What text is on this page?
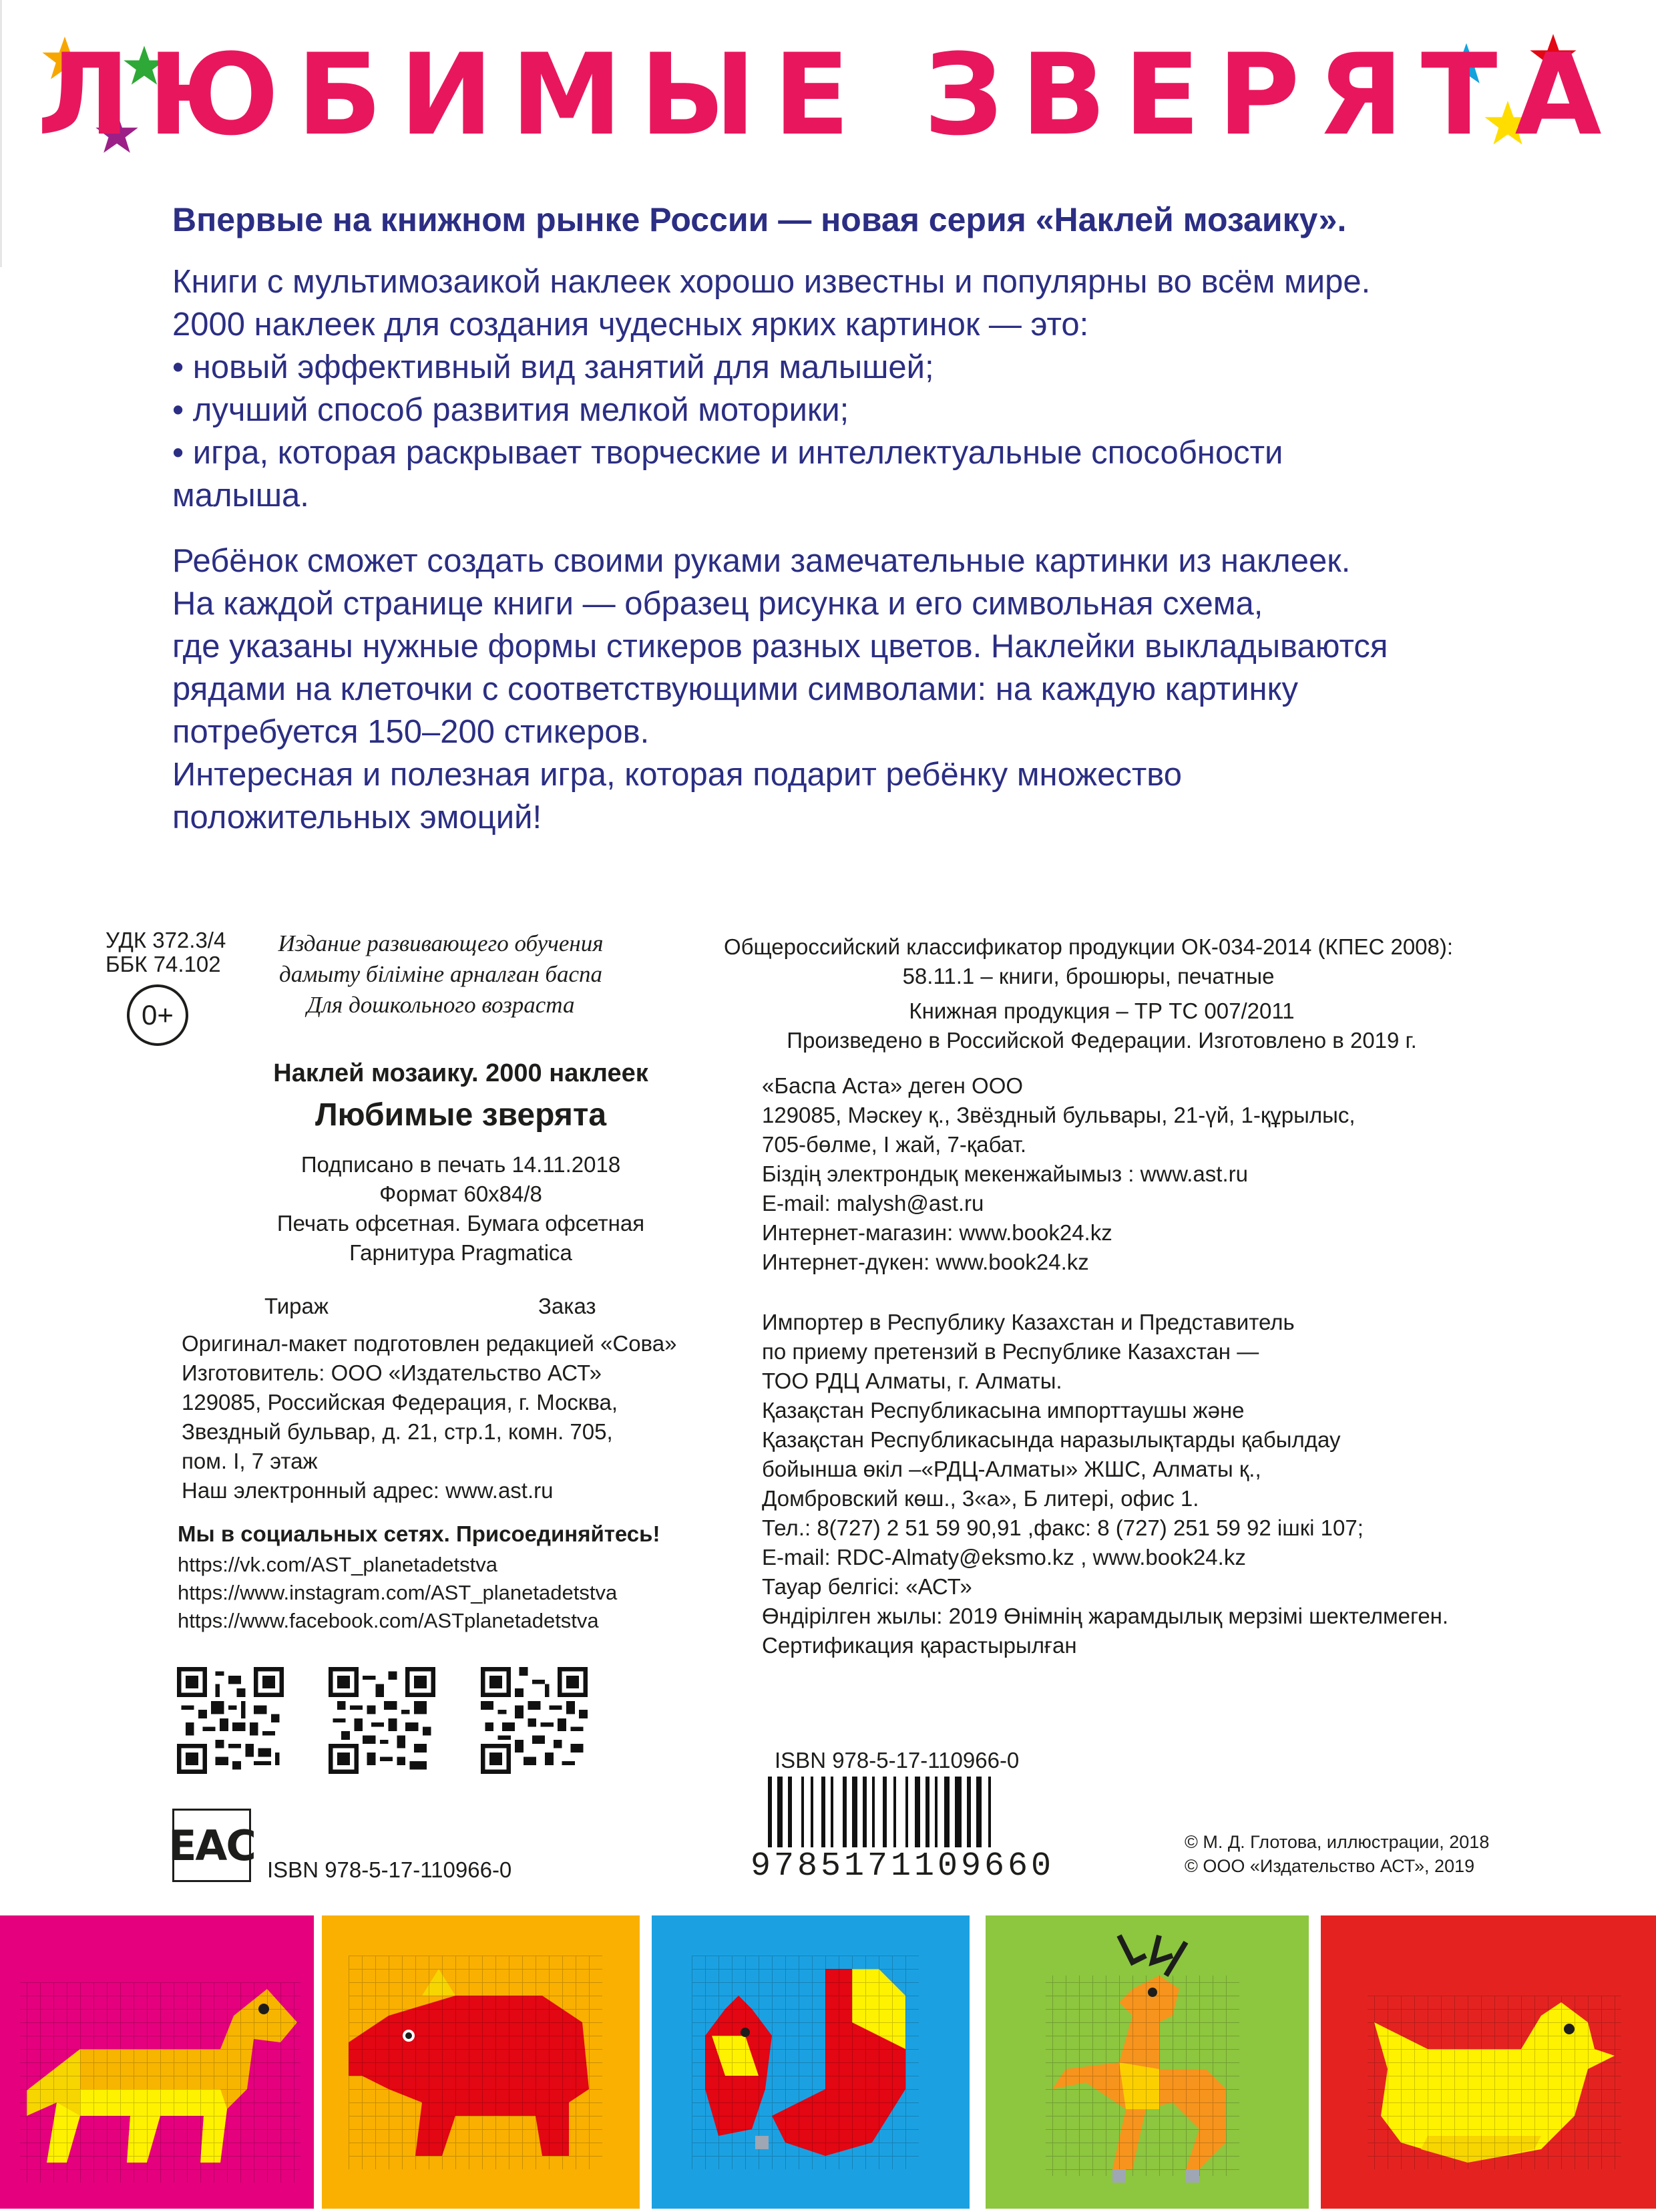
ЛЮБИМЫЕ ЗВЕРЯТА
Впервые на книжном рынке России — новая серия «Наклей мозаику».
Книги с мультимозаикой наклеек хорошо известны и популярны во всём мире.
2000 наклеек для создания чудесных ярких картинок — это:
• новый эффективный вид занятий для малышей;
• лучший способ развития мелкой моторики;
• игра, которая раскрывает творческие и интеллектуальные способности
малыша.
Ребёнок сможет создать своими руками замечательные картинки из наклеек.
На каждой странице книги — образец рисунка и его символьная схема,
где указаны нужные формы стикеров разных цветов. Наклейки выкладываются
рядами на клеточки с соответствующими символами: на каждую картинку
потребуется 150–200 стикеров.
Интересная и полезная игра, которая подарит ребёнку множество
положительных эмоций!
УДК 372.3/4
ББК 74.102
0+
Издание развивающего обучения
дамыту біліміне арналған баспа
Для дошкольного возраста
Наклей мозаику. 2000 наклеек
Любимые зверята
Подписано в печать 14.11.2018
Формат 60x84/8
Печать офсетная. Бумага офсетная
Гарнитура Pragmatica
Тираж	Заказ
Оригинал-макет подготовлен редакцией «Сова»
Изготовитель: ООО «Издательство АСТ»
129085, Российская Федерация, г. Москва,
Звездный бульвар, д. 21, стр.1, комн. 705,
пом. I, 7 этаж
Наш электронный адрес: www.ast.ru
Мы в социальных сетях. Присоединяйтесь!
https://vk.com/AST_planetadetstva
https://www.instagram.com/AST_planetadetstva
https://www.facebook.com/ASTplanetadetstva
EAC ISBN 978-5-17-110966-0
Общероссийский классификатор продукции ОК-034-2014 (КПЕС 2008):
58.11.1 – книги, брошюры, печатные
Книжная продукция – ТР ТС 007/2011
Произведено в Российской Федерации. Изготовлено в 2019 г.
«Баспа Аста» деген ООО
129085, Мәскеу қ., Звёздный бульвары, 21-үй, 1-құрылыс,
705-бөлме, I жай, 7-қабат.
Біздің электрондық мекенжайымыз : www.ast.ru
E-mail: malysh@ast.ru
Интернет-магазин: www.book24.kz
Интернет-дүкен: www.book24.kz
Импортер в Республику Казахстан и Представитель
по приему претензий в Республике Казахстан —
ТОО РДЦ Алматы, г. Алматы.
Қазақстан Республикасына импорттаушы және
Қазақстан Республикасында наразылықтарды қабылдау
бойынша өкіл –«РДЦ-Алматы» ЖШС, Алматы қ.,
Домбровский көш., 3«а», Б литері, офис 1.
Тел.: 8(727) 2 51 59 90,91 ,факс: 8 (727) 251 59 92 ішкі 107;
E-mail: RDC-Almaty@eksmo.kz , www.book24.kz
Тауар белгісі: «АСТ»
Өндірілген жылы: 2019 Өнімнің жарамдылық мерзімі шектелмеген.
Сертификация қарастырылған
ISBN 978-5-17-110966-0
9785171109660
© М. Д. Глотова, иллюстрации, 2018
© ООО «Издательство АСТ», 2019
